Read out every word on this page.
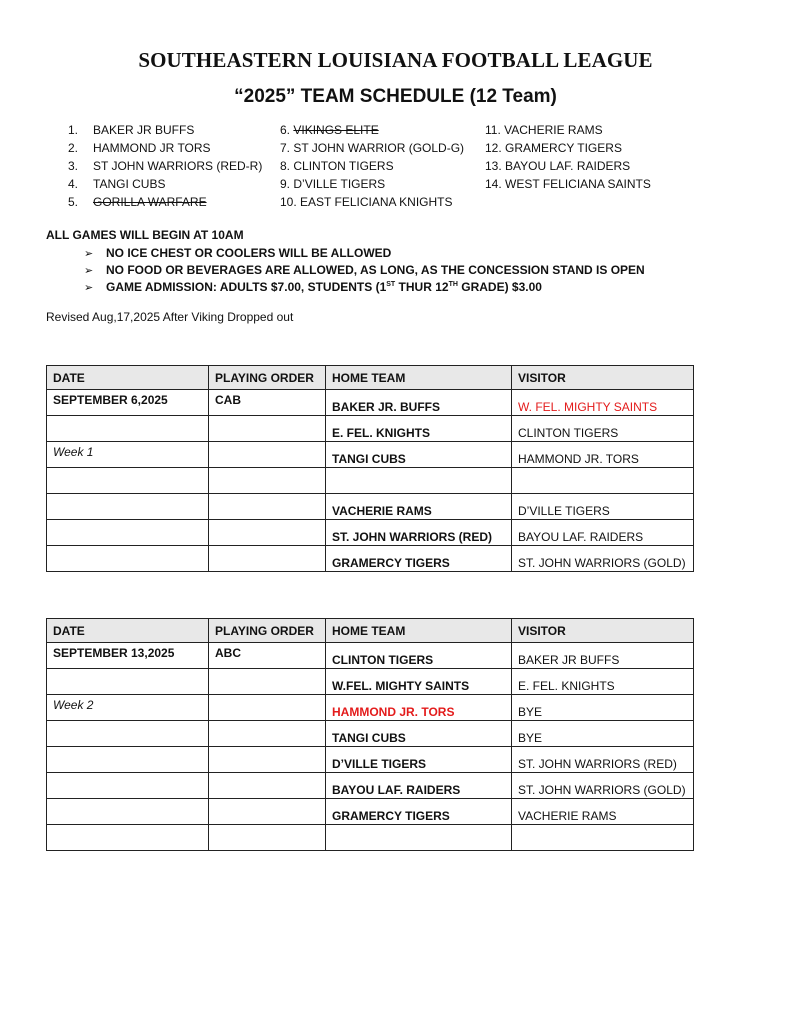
SOUTHEASTERN LOUISIANA FOOTBALL LEAGUE
“2025” TEAM SCHEDULE (12 Team)
1. BAKER JR BUFFS
2. HAMMOND JR TORS
3. ST JOHN WARRIORS (RED-R)
4. TANGI CUBS
5. GORILLA WARFARE
6. VIKINGS ELITE
7. ST JOHN WARRIOR (GOLD-G)
8. CLINTON TIGERS
9. D’VILLE TIGERS
10. EAST FELICIANA KNIGHTS
11. VACHERIE RAMS
12. GRAMERCY TIGERS
13. BAYOU LAF. RAIDERS
14. WEST FELICIANA SAINTS
ALL GAMES WILL BEGIN AT 10AM
➢ NO ICE CHEST OR COOLERS WILL BE ALLOWED
➢ NO FOOD OR BEVERAGES ARE ALLOWED, AS LONG, AS THE CONCESSION STAND IS OPEN
➢ GAME ADMISSION: ADULTS $7.00, STUDENTS (1ST THUR 12TH GRADE) $3.00
Revised Aug,17,2025 After Viking Dropped out
DATE	PLAYING ORDER	HOME TEAM	VISITOR
SEPTEMBER 6,2025	CAB	BAKER JR. BUFFS	W. FEL. MIGHTY SAINTS
		E. FEL. KNIGHTS	CLINTON TIGERS
Week 1		TANGI CUBS	HAMMOND JR. TORS

		VACHERIE RAMS	D’VILLE TIGERS
		ST. JOHN WARRIORS (RED)	BAYOU LAF. RAIDERS
		GRAMERCY TIGERS	ST. JOHN WARRIORS (GOLD)
DATE	PLAYING ORDER	HOME TEAM	VISITOR
SEPTEMBER 13,2025	ABC	CLINTON TIGERS	BAKER JR BUFFS
		W.FEL. MIGHTY SAINTS	E. FEL. KNIGHTS
Week 2		HAMMOND JR. TORS	BYE
		TANGI CUBS	BYE
		D’VILLE TIGERS	ST. JOHN WARRIORS (RED)
		BAYOU LAF. RAIDERS	ST. JOHN WARRIORS (GOLD)
		GRAMERCY TIGERS	VACHERIE RAMS
